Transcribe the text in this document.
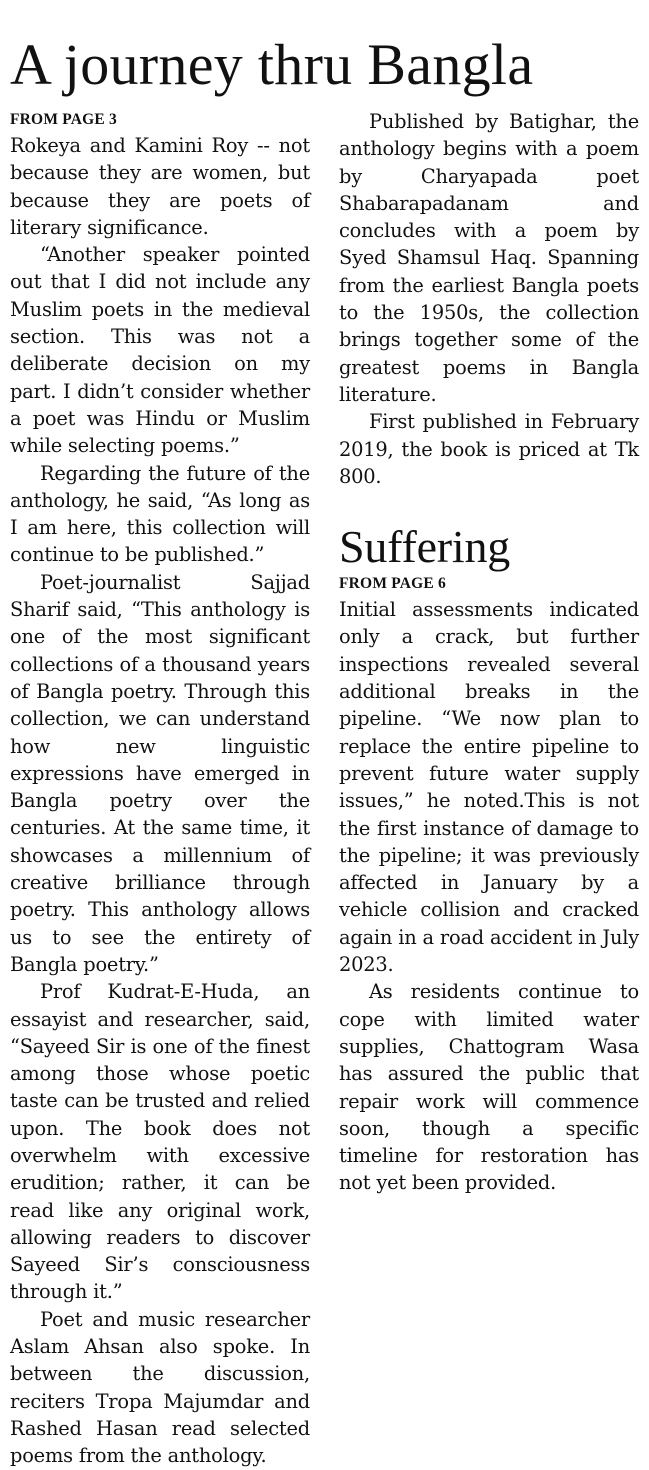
A journey thru Bangla
FROM PAGE 3

Rokeya and Kamini Roy -- not because they are women, but because they are poets of literary significance.

“Another speaker pointed out that I did not include any Muslim poets in the medieval section. This was not a deliberate decision on my part. I didn’t consider whether a poet was Hindu or Muslim while selecting poems.”

Regarding the future of the anthology, he said, “As long as I am here, this collection will continue to be published.”

Poet-journalist Sajjad Sharif said, “This anthology is one of the most significant collections of a thousand years of Bangla poetry. Through this collection, we can understand how new linguistic expressions have emerged in Bangla poetry over the centuries. At the same time, it showcases a millennium of creative brilliance through poetry. This anthology allows us to see the entirety of Bangla poetry.”

Prof Kudrat-E-Huda, an essayist and researcher, said, “Sayeed Sir is one of the finest among those whose poetic taste can be trusted and relied upon. The book does not overwhelm with excessive erudition; rather, it can be read like any original work, allowing readers to discover Sayeed Sir’s consciousness through it.”

Poet and music researcher Aslam Ahsan also spoke. In between the discussion, reciters Tropa Majumdar and Rashed Hasan read selected poems from the anthology.

Published by Batighar, the anthology begins with a poem by Charyapada poet Shabarapadanam and concludes with a poem by Syed Shamsul Haq. Spanning from the earliest Bangla poets to the 1950s, the collection brings together some of the greatest poems in Bangla literature.

First published in February 2019, the book is priced at Tk 800.

Suffering
FROM PAGE 6

Initial assessments indicated only a crack, but further inspections revealed several additional breaks in the pipeline. “We now plan to replace the entire pipeline to prevent future water supply issues,” he noted.This is not the first instance of damage to the pipeline; it was previously affected in January by a vehicle collision and cracked again in a road accident in July 2023.

As residents continue to cope with limited water supplies, Chattogram Wasa has assured the public that repair work will commence soon, though a specific timeline for restoration has not yet been provided.
